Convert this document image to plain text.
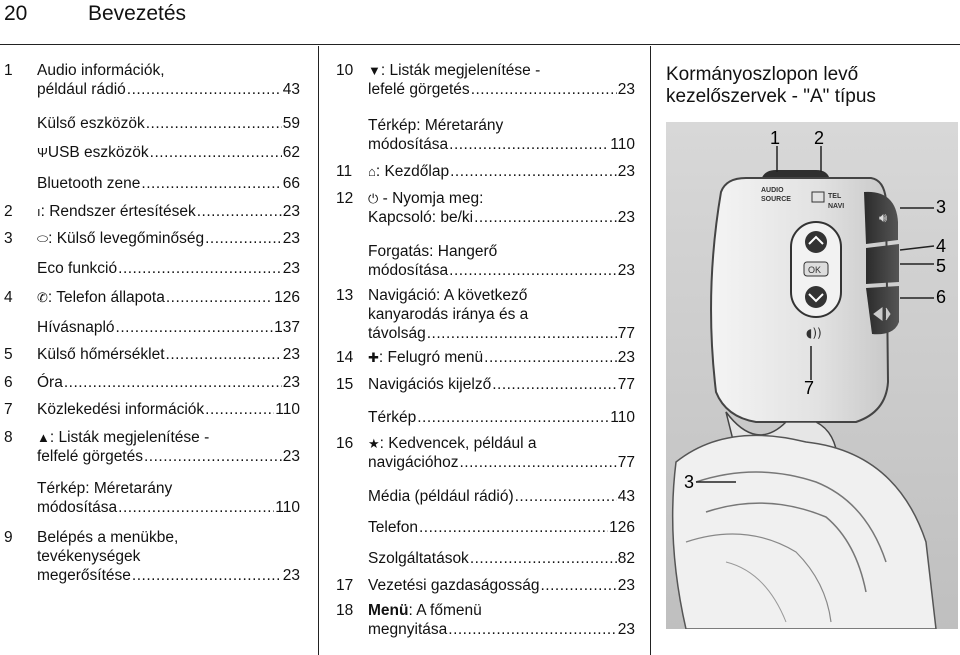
20	Bevezetés
1	Audio információk,
például rádió .....	43
Külső eszközök .....	59
Ψ USB eszközök .....	62
Bluetooth zene .....	66
2	ı : Rendszer értesítések .....	23
3	⬭ : Külső levegőminőség .....	23
Eco funkció .....	23
4	✆ : Telefon állapota .....	126
Hívásnapló .....	137
5	Külső hőmérséklet .....	23
6	Óra .....	23
7	Közlekedési információk .....	110
8	▲: Listák megjelenítése -
felfelé görgetés .....	23
Térkép: Méretarány
módosítása .....	110
9	Belépés a menükbe,
tevékenységek
megerősítése .....	23
10	▼: Listák megjelenítése -
lefelé görgetés .....	23
Térkép: Méretarány
módosítása .....	110
11	⌂ : Kezdőlap .....	23
12	⏻ - Nyomja meg:
Kapcsoló: be/ki .....	23
Forgatás: Hangerő
módosítása .....	23
13 Navigáció: A következő
kanyarodás iránya és a
távolság .....	77
14	✚ : Felugró menü .....	23
15 Navigációs kijelző .....	77
Térkép .....	110
16	★: Kedvencek, például a
navigációhoz .....	77
Média (például rádió) .....	43
Telefon .....	126
Szolgáltatások .....	82
17 Vezetési gazdaságosság .....	23
18 Menü: A főmenü
megnyitása .....	23
Kormányoszlopon levő kezelőszervek - "A" típus
🔊︎
AUDIO
SOURCE	TEL
NAVI
OK
◖))
1 2
3
4
5
6
7
3
